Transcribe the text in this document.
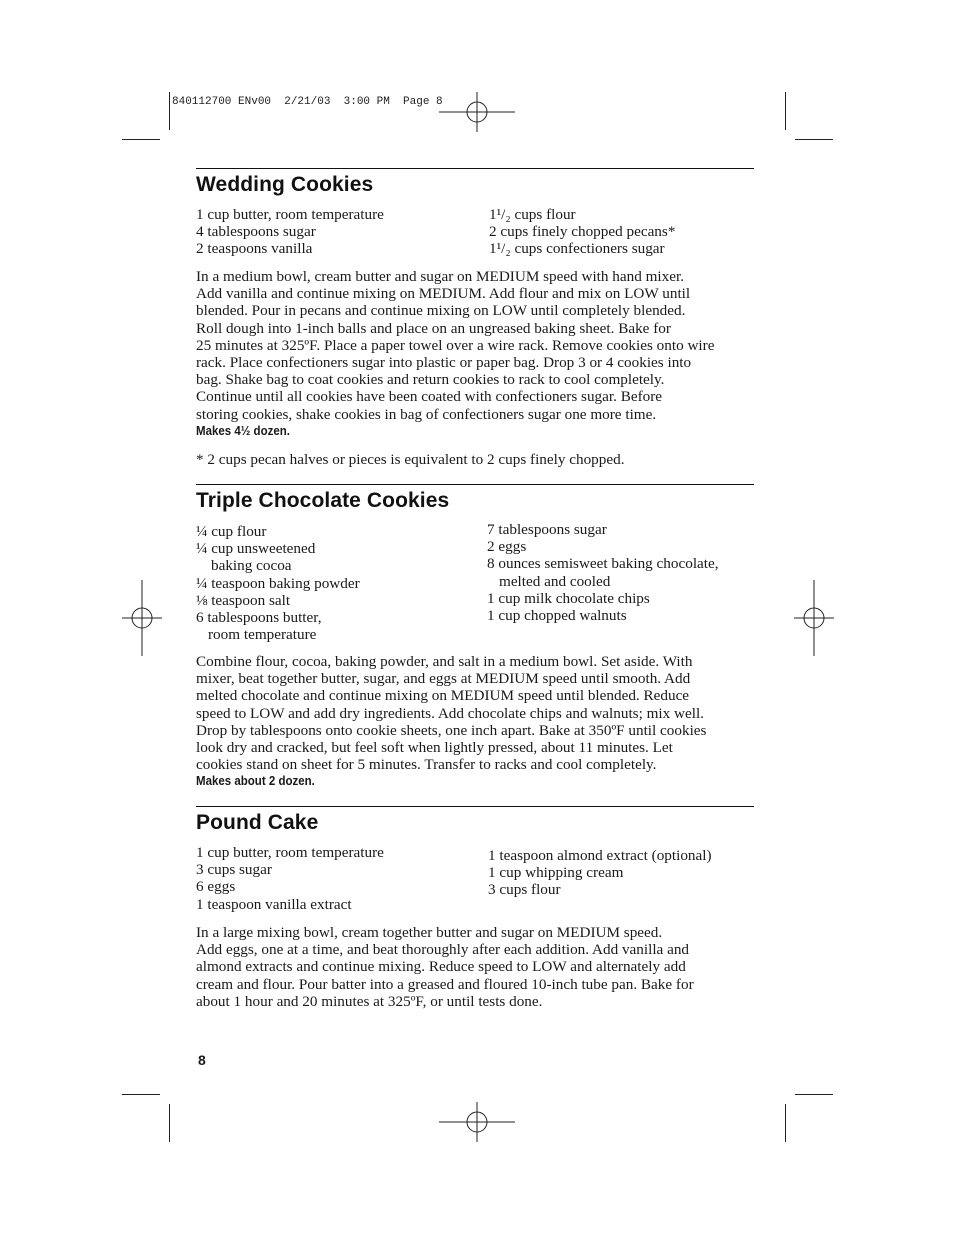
840112700 ENv00  2/21/03  3:00 PM  Page 8
Wedding Cookies
1 cup butter, room temperature
4 tablespoons sugar
2 teaspoons vanilla
1¹/₂ cups flour
2 cups finely chopped pecans*
1¹/₂ cups confectioners sugar

In a medium bowl, cream butter and sugar on MEDIUM speed with hand mixer.

Add vanilla and continue mixing on MEDIUM. Add flour and mix on LOW until

blended. Pour in pecans and continue mixing on LOW until completely blended.

Roll dough into 1-inch balls and place on an ungreased baking sheet. Bake for

25 minutes at 325ºF. Place a paper towel over a wire rack. Remove cookies onto wire

rack. Place confectioners sugar into plastic or paper bag. Drop 3 or 4 cookies into

bag. Shake bag to coat cookies and return cookies to rack to cool completely.

Continue until all cookies have been coated with confectioners sugar. Before

storing cookies, shake cookies in bag of confectioners sugar one more time.

Makes 4½ dozen.
* 2 cups pecan halves or pieces is equivalent to 2 cups finely chopped.
Triple Chocolate Cookies
¼ cup flour
¼ cup unsweetened
baking cocoa
¼ teaspoon baking powder
⅛ teaspoon salt
6 tablespoons butter,
room temperature
7 tablespoons sugar
2 eggs
8 ounces semisweet baking chocolate,
melted and cooled
1 cup milk chocolate chips
1 cup chopped walnuts

Combine flour, cocoa, baking powder, and salt in a medium bowl. Set aside. With

mixer, beat together butter, sugar, and eggs at MEDIUM speed until smooth. Add

melted chocolate and continue mixing on MEDIUM speed until blended. Reduce

speed to LOW and add dry ingredients. Add chocolate chips and walnuts; mix well.

Drop by tablespoons onto cookie sheets, one inch apart. Bake at 350ºF until cookies

look dry and cracked, but feel soft when lightly pressed, about 11 minutes. Let

cookies stand on sheet for 5 minutes. Transfer to racks and cool completely.

Makes about 2 dozen.
Pound Cake
1 cup butter, room temperature
3 cups sugar
6 eggs
1 teaspoon vanilla extract
1 teaspoon almond extract (optional)
1 cup whipping cream
3 cups flour

In a large mixing bowl, cream together butter and sugar on MEDIUM speed.

Add eggs, one at a time, and beat thoroughly after each addition. Add vanilla and

almond extracts and continue mixing. Reduce speed to LOW and alternately add

cream and flour. Pour batter into a greased and floured 10-inch tube pan. Bake for

about 1 hour and 20 minutes at 325ºF, or until tests done.

8
